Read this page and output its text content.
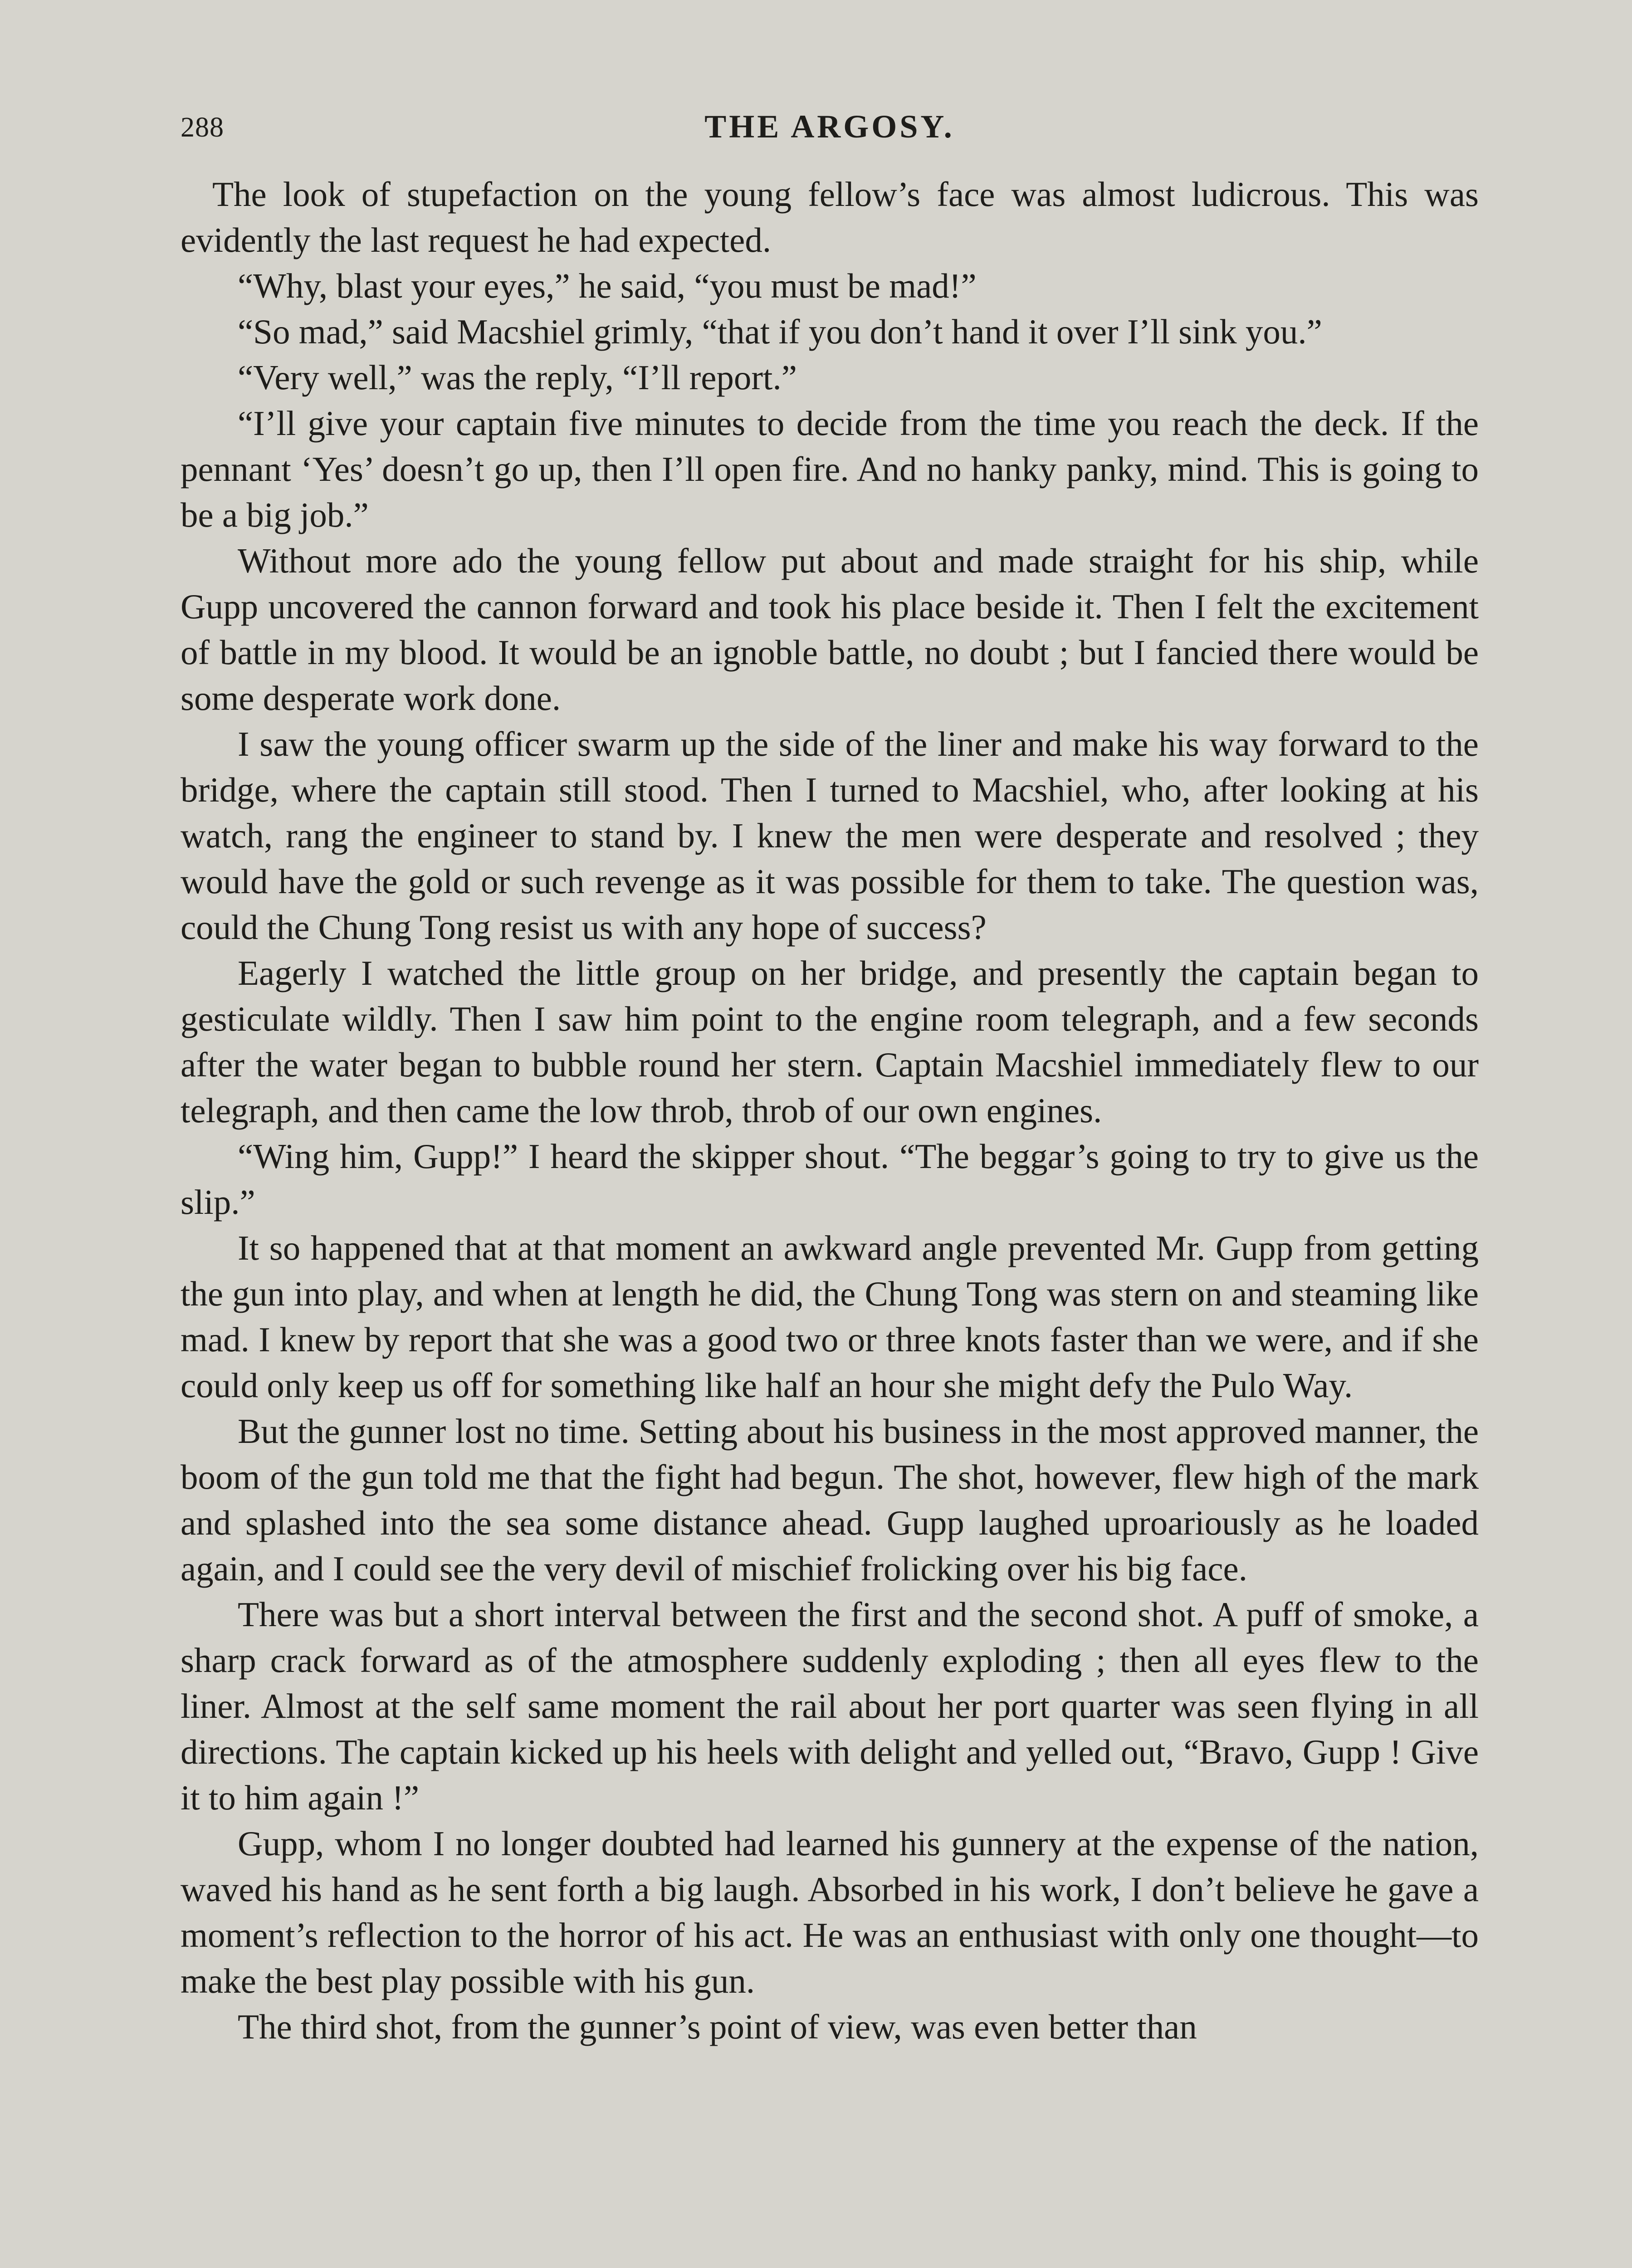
288	THE ARGOSY.

The look of stupefaction on the young fellow’s face was almost ludicrous. This was evidently the last request he had expected.

“Why, blast your eyes,” he said, “you must be mad!”

“So mad,” said Macshiel grimly, “that if you don’t hand it over I’ll sink you.”

“Very well,” was the reply, “I’ll report.”

“I’ll give your captain five minutes to decide from the time you reach the deck. If the pennant ‘Yes’ doesn’t go up, then I’ll open fire. And no hanky panky, mind. This is going to be a big job.”

Without more ado the young fellow put about and made straight for his ship, while Gupp uncovered the cannon forward and took his place beside it. Then I felt the excitement of battle in my blood. It would be an ignoble battle, no doubt ; but I fancied there would be some desperate work done.

I saw the young officer swarm up the side of the liner and make his way forward to the bridge, where the captain still stood. Then I turned to Macshiel, who, after looking at his watch, rang the engineer to stand by. I knew the men were desperate and resolved ; they would have the gold or such revenge as it was possible for them to take. The question was, could the Chung Tong resist us with any hope of success?

Eagerly I watched the little group on her bridge, and presently the captain began to gesticulate wildly. Then I saw him point to the engine room telegraph, and a few seconds after the water began to bubble round her stern. Captain Macshiel immediately flew to our telegraph, and then came the low throb, throb of our own engines.

“Wing him, Gupp!” I heard the skipper shout. “The beggar’s going to try to give us the slip.”

It so happened that at that moment an awkward angle prevented Mr. Gupp from getting the gun into play, and when at length he did, the Chung Tong was stern on and steaming like mad. I knew by report that she was a good two or three knots faster than we were, and if she could only keep us off for something like half an hour she might defy the Pulo Way.

But the gunner lost no time. Setting about his business in the most approved manner, the boom of the gun told me that the fight had begun. The shot, however, flew high of the mark and splashed into the sea some distance ahead. Gupp laughed uproariously as he loaded again, and I could see the very devil of mischief frolicking over his big face.

There was but a short interval between the first and the second shot. A puff of smoke, a sharp crack forward as of the atmosphere suddenly exploding ; then all eyes flew to the liner. Almost at the self same moment the rail about her port quarter was seen flying in all directions. The captain kicked up his heels with delight and yelled out, “Bravo, Gupp ! Give it to him again !”

Gupp, whom I no longer doubted had learned his gunnery at the expense of the nation, waved his hand as he sent forth a big laugh. Absorbed in his work, I don’t believe he gave a moment’s reflection to the horror of his act. He was an enthusiast with only one thought—to make the best play possible with his gun.

The third shot, from the gunner’s point of view, was even better than
